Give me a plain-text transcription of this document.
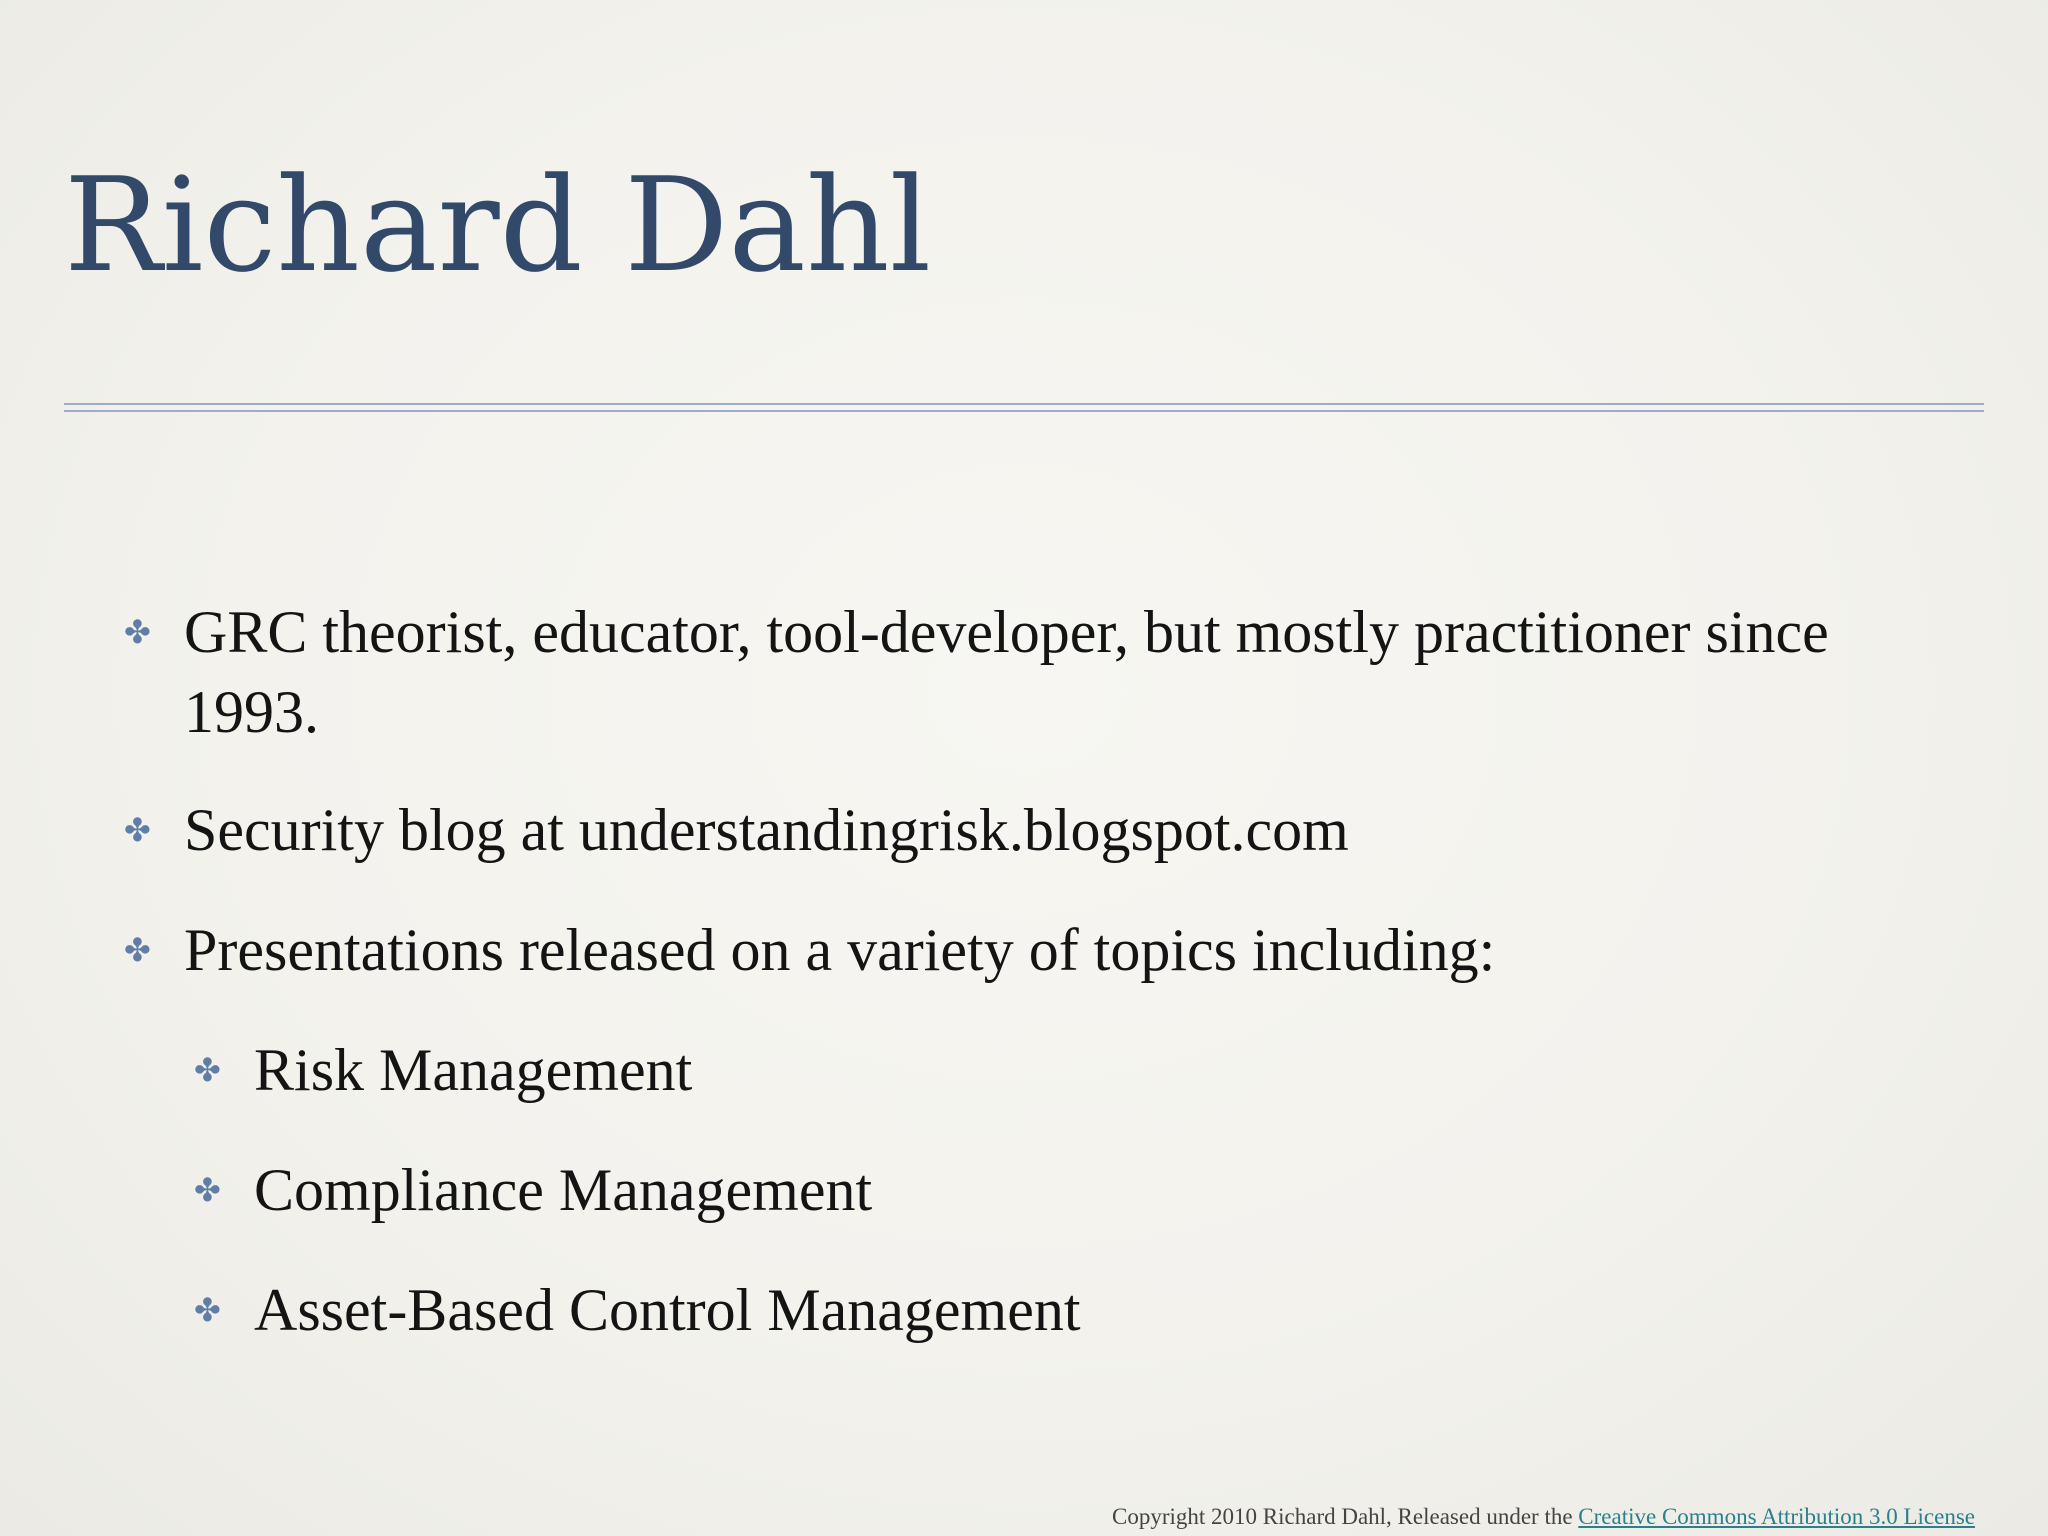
Richard Dahl
✤ GRC theorist, educator, tool-developer, but mostly practitioner since 1993.
✤ Security blog at understandingrisk.blogspot.com
✤ Presentations released on a variety of topics including:
✤ Risk Management
✤ Compliance Management
✤ Asset-Based Control Management
Copyright 2010 Richard Dahl, Released under the Creative Commons Attribution 3.0 License
